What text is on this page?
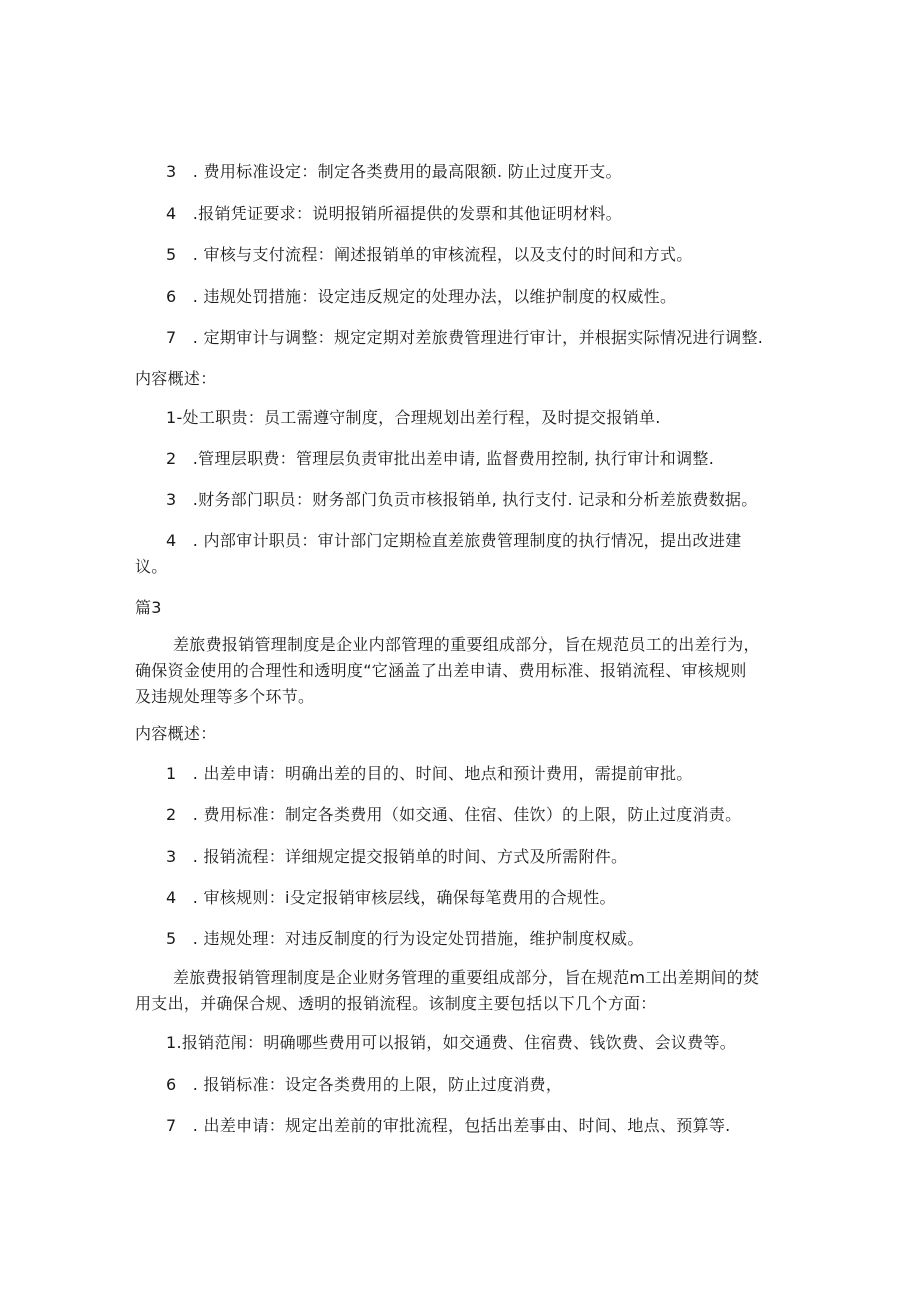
3　. 费用标准设定：制定各类费用的最高限额. 防止过度开支。
4　.报销凭证要求：说明报销所福提供的发票和其他证明材料。
5　. 审核与支付流程：阐述报销单的审核流程，以及支付的时间和方式。
6　. 违规处罚措施：设定违反规定的处理办法，以维护制度的权威性。
7　. 定期审计与调整：规定定期对差旅费管理进行审计，并根据实际情况进行调整.
内容概述：
1-处工职贵：员工需遵守制度，合理规划出差行程，及时提交报销单.
2　.管理层职费：管理层负责审批出差申请, 监督费用控制, 执行审计和调整.
3　.财务部门职员：财务部门负贡市核报销单, 执行支付. 记录和分析差旅费数据。
4　. 内部审计职员：审计部门定期检直差旅费管理制度的执行情况，提出改进建
议。
篇3
差旅费报销管理制度是企业内部管理的重要组成部分，旨在规范员工的出差行为，
确保资金使用的合理性和透明度“它涵盖了出差申请、费用标准、报销流程、审核规则
及违规处理等多个环节。
内容概述：
1　. 出差申请：明确出差的目的、时间、地点和预计费用，需提前审批。
2　. 费用标准：制定各类费用（如交通、住宿、佳饮）的上限，防止过度消责。
3　. 报销流程：详细规定提交报销单的时间、方式及所需附件。
4　. 审核规则：i殳定报销审核层线，确保每笔费用的合规性。
5　. 违规处理：对违反制度的行为设定处罚措施，维护制度权威。
差旅费报销管理制度是企业财务管理的重要组成部分，旨在规范m工出差期间的焚
用支出，并确保合规、透明的报销流程。该制度主要包括以下几个方面：
1.报销范闱：明确哪些费用可以报销，如交通费、住宿费、钱饮费、会议费等。
6　. 报销标准：设定各类费用的上限，防止过度消费，
7　. 出差申请：规定出差前的审批流程，包括出差事由、时间、地点、预算等.
